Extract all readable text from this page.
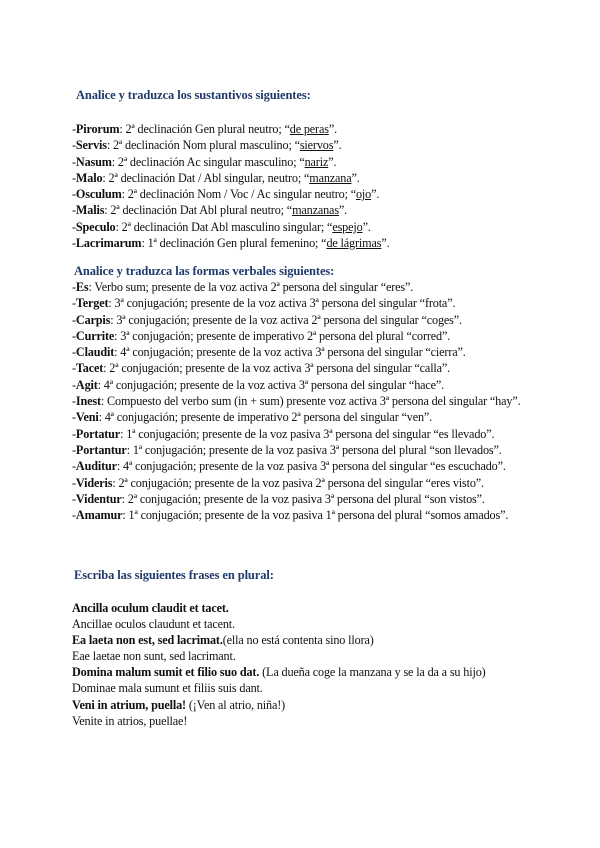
Analice y traduzca los sustantivos siguientes:
-Pirorum: 2ª declinación Gen plural neutro; “de peras”.
-Servis: 2ª declinación Nom plural masculino; “siervos”.
-Nasum: 2ª declinación Ac singular masculino; “nariz”.
-Malo: 2ª declinación Dat / Abl singular, neutro; “manzana”.
-Osculum: 2ª declinación Nom / Voc / Ac singular neutro; “ojo”.
-Malis: 2ª declinación Dat Abl plural neutro; “manzanas”.
-Speculo: 2ª declinación Dat Abl masculino singular; “espejo”.
-Lacrimarum: 1ª declinación Gen plural femenino; “de lágrimas”.
Analice y traduzca las formas verbales siguientes:
-Es: Verbo sum; presente de la voz activa 2ª persona del singular “eres”.
-Terget: 3ª conjugación; presente de la voz activa 3ª persona del singular “frota”.
-Carpis: 3ª conjugación; presente de la voz activa 2ª persona del singular “coges”.
-Currite: 3ª conjugación; presente de imperativo 2ª persona del plural “corred”.
-Claudit: 4ª conjugación; presente de la voz activa 3ª persona del singular “cierra”.
-Tacet: 2ª conjugación; presente de la voz activa 3ª persona del singular “calla”.
-Agit: 4ª conjugación; presente de la voz activa 3ª persona del singular “hace”.
-Inest: Compuesto del verbo sum (in + sum) presente voz activa 3ª persona del singular “hay”.
-Veni: 4ª conjugación; presente de imperativo 2ª persona del singular “ven”.
-Portatur: 1ª conjugación; presente de la voz pasiva 3ª persona del singular “es llevado”.
-Portantur: 1ª conjugación; presente de la voz pasiva 3ª persona del plural “son llevados”.
-Auditur: 4ª conjugación; presente de la voz pasiva 3ª persona del singular “es escuchado”.
-Videris: 2ª conjugación; presente de la voz pasiva 2ª persona del singular “eres visto”.
-Videntur: 2ª conjugación; presente de la voz pasiva 3ª persona del plural “son vistos”.
-Amamur: 1ª conjugación; presente de la voz pasiva 1ª persona del plural “somos amados”.
Escriba las siguientes frases en plural:
Ancilla oculum claudit et tacet.
Ancillae oculos claudunt et tacent.
Ea laeta non est, sed lacrimat.(ella no está contenta sino llora)
Eae laetae non sunt, sed lacrimant.
Domina malum sumit et filio suo dat. (La dueña coge la manzana y se la da a su hijo)
Dominae mala sumunt et filiis suis dant.
Veni in atrium, puella! (¡Ven al atrio, niña!)
Venite in atrios, puellae!
